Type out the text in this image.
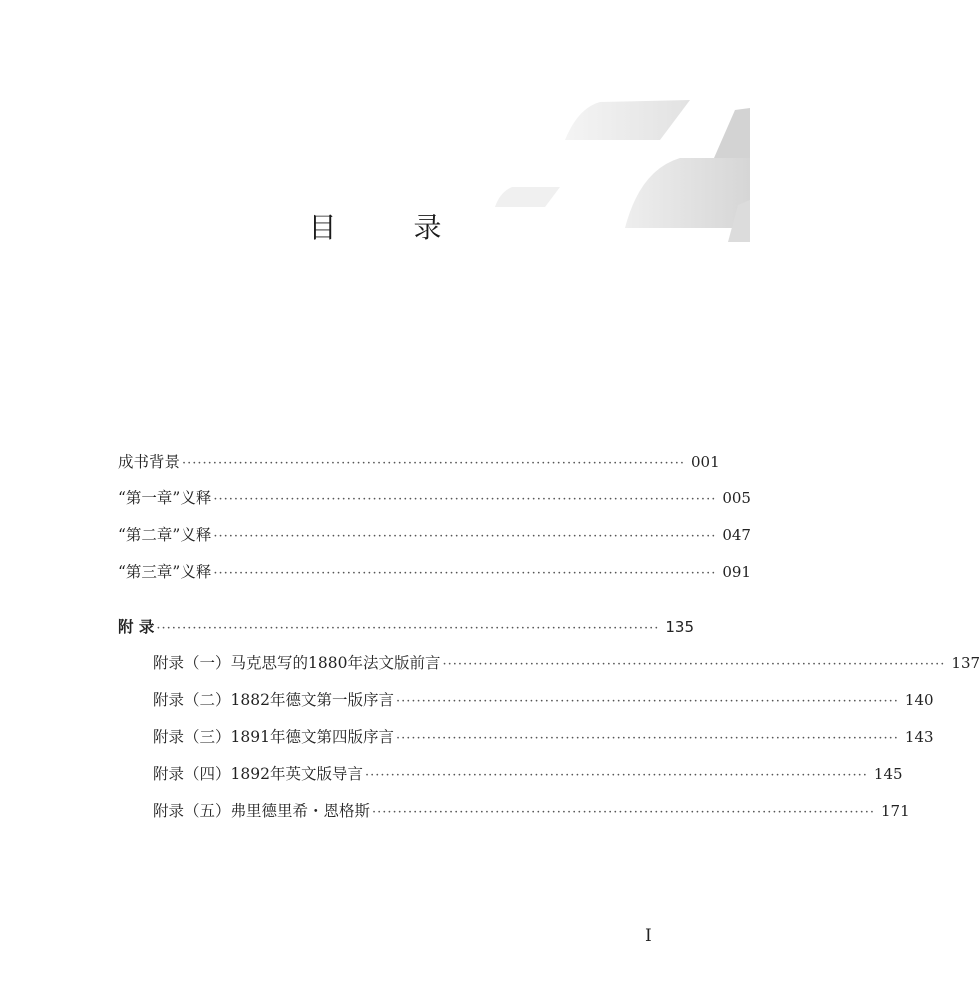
目 录
成书背景 ·································································································· 001
“第一章”义释 ·································································································· 005
“第二章”义释 ·································································································· 047
“第三章”义释 ·································································································· 091
附 录 ·································································································· 135
附录（一）马克思写的1880年法文版前言 ·································································································· 137
附录（二）1882年德文第一版序言 ·································································································· 140
附录（三）1891年德文第四版序言 ·································································································· 143
附录（四）1892年英文版导言 ·································································································· 145
附录（五）弗里德里希・恩格斯 ·································································································· 171
I
